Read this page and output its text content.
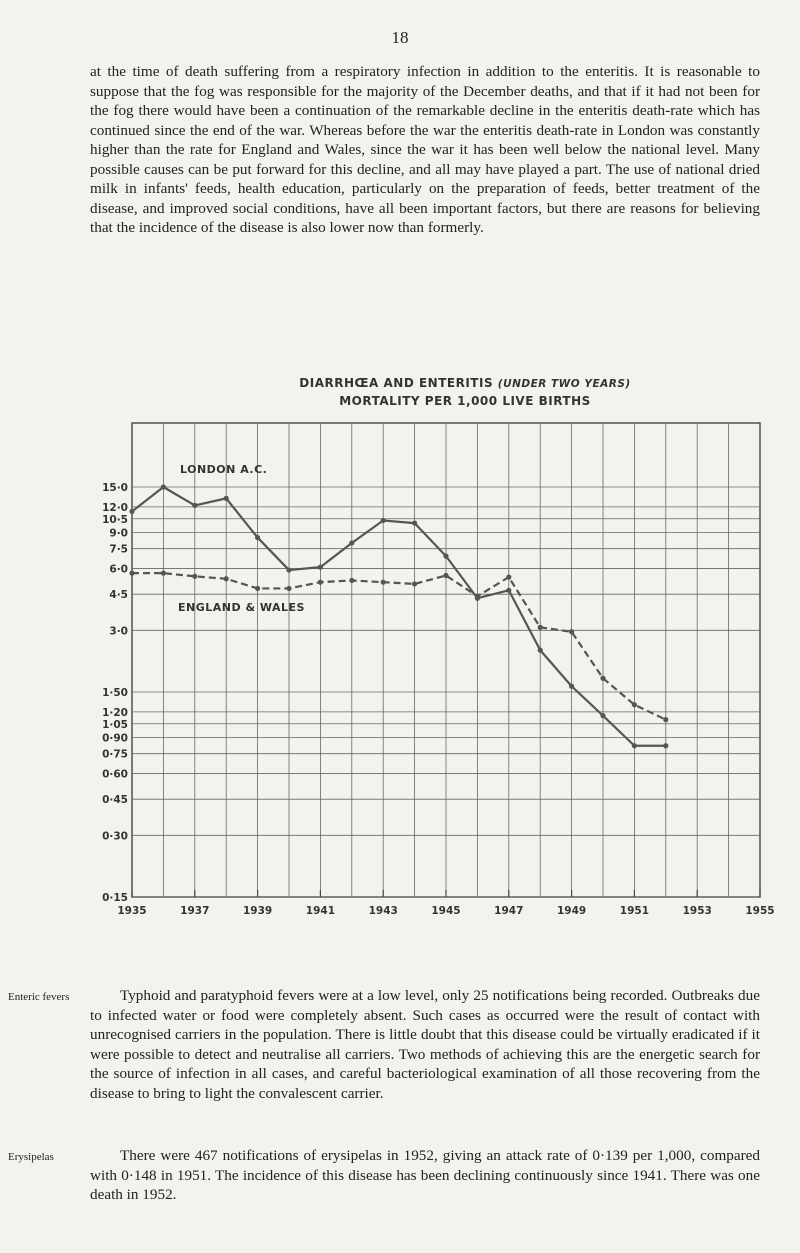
18

at the time of death suffering from a respiratory infection in addition to the enteritis. It is reasonable to suppose that the fog was responsible for the majority of the December deaths, and that if it had not been for the fog there would have been a continuation of the remarkable decline in the enteritis death-rate which has continued since the end of the war. Whereas before the war the enteritis death-rate in London was constantly higher than the rate for England and Wales, since the war it has been well below the national level. Many possible causes can be put forward for this decline, and all may have played a part. The use of national dried milk in infants' feeds, health education, particularly on the preparation of feeds, better treatment of the disease, and improved social conditions, have all been important factors, but there are reasons for believing that the incidence of the disease is also lower now than formerly.

DIARRHŒA AND ENTERITIS (UNDER TWO YEARS)
MORTALITY PER 1,000 LIVE BIRTHS
15·0
12·0
10·5
9·0
7·5
6·0
4·5
3·0
1·50
1·20
1·05
0·90
0·75
0·60
0·45
0·30
0·15
1935	1937	1939	1941	1943	1945	1947	1949	1951	1953	1955
LONDON A.C.
ENGLAND & WALES
Enteric fevers	Typhoid and paratyphoid fevers were at a low level, only 25 notifications being recorded. Outbreaks due to infected water or food were completely absent. Such cases as occurred were the result of contact with unrecognised carriers in the population. There is little doubt that this disease could be virtually eradicated if it were possible to detect and neutralise all carriers. Two methods of achieving this are the energetic search for the source of infection in all cases, and careful bacteriological examination of all those recovering from the disease to bring to light the convalescent carrier.

Erysipelas	There were 467 notifications of erysipelas in 1952, giving an attack rate of 0·139 per 1,000, compared with 0·148 in 1951. The incidence of this disease has been declining continuously since 1941. There was one death in 1952.
